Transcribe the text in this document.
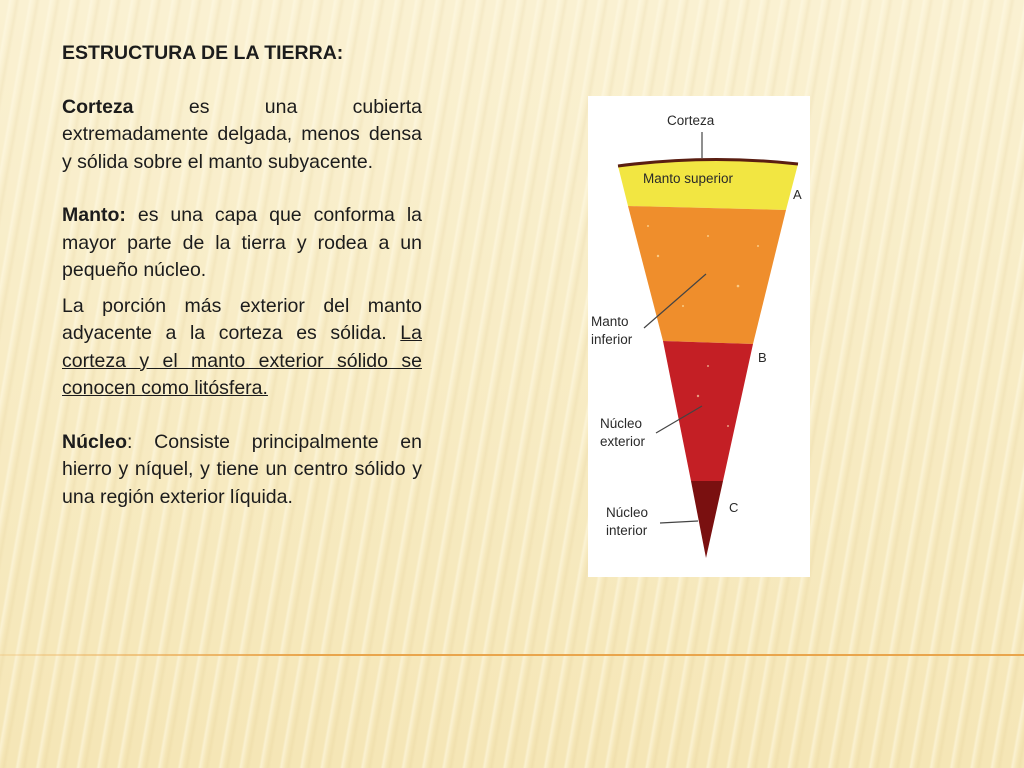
ESTRUCTURA DE LA TIERRA:

Corteza es una cubierta extremadamente delgada, menos densa y sólida sobre el manto subyacente.

Manto: es una capa que conforma la mayor parte de la tierra y rodea a un pequeño núcleo.

La porción más exterior del manto adyacente a la corteza es sólida. La corteza y el manto exterior sólido se conocen como litósfera.

Núcleo: Consiste principalmente en hierro y níquel, y tiene un centro sólido y una región exterior líquida.

Corteza
Manto superior
Manto
inferior
Núcleo
exterior
Núcleo
interior
A
B
C
